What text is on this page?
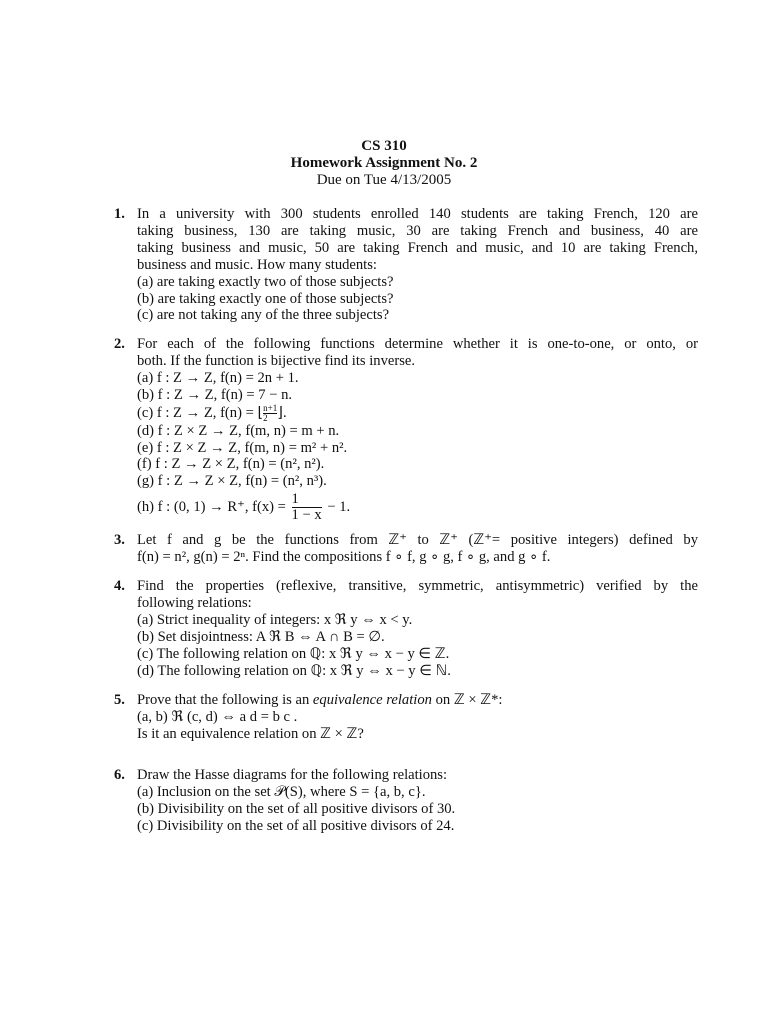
CS 310
Homework Assignment No. 2
Due on Tue 4/13/2005
1. In a university with 300 students enrolled 140 students are taking French, 120 are

taking business, 130 are taking music, 30 are taking French and business, 40 are

taking business and music, 50 are taking French and music, and 10 are taking French,

business and music. How many students:

(a) are taking exactly two of those subjects?

(b) are taking exactly one of those subjects?

(c) are not taking any of the three subjects?

2. For each of the following functions determine whether it is one-to-one, or onto, or

both. If the function is bijective find its inverse.

(a) f : Z → Z, f(n) = 2n + 1.

(b) f : Z → Z, f(n) = 7 − n.

(c) f : Z → Z, f(n) = ⌊ $\frac{n+1}{2}$ ⌋.

(d) f : Z × Z → Z, f(m, n) = m + n.

(e) f : Z × Z → Z, f(m, n) = m² + n².

(f) f : Z → Z × Z, f(n) = (n², n²).

(g) f : Z → Z × Z, f(n) = (n², n³).

(h) f : (0, 1) → R⁺, $f(x) = \frac{1}{1 - x} - 1$.

3. Let f and g be the functions from ℤ⁺ to ℤ⁺ (ℤ⁺= positive integers) defined by

f(n) = n², g(n) = 2ⁿ. Find the compositions f ∘ f, g ∘ g, f ∘ g, and g ∘ f.

4. Find the properties (reflexive, transitive, symmetric, antisymmetric) verified by the

following relations:

(a) Strict inequality of integers: x ℜ y ⇔ x < y.

(b) Set disjointness: A ℜ B ⇔ A ∩ B = ∅.

(c) The following relation on ℚ: x ℜ y ⇔ x − y ∈ ℤ.

(d) The following relation on ℚ: x ℜ y ⇔ x − y ∈ ℕ.

5. Prove that the following is an equivalence relation on ℤ × ℤ*:

(a, b) ℜ (c, d) ⇔ a d = b c .

Is it an equivalence relation on ℤ × ℤ?

6. Draw the Hasse diagrams for the following relations:

(a) Inclusion on the set 𝒫(S), where S = {a, b, c}.

(b) Divisibility on the set of all positive divisors of 30.

(c) Divisibility on the set of all positive divisors of 24.
